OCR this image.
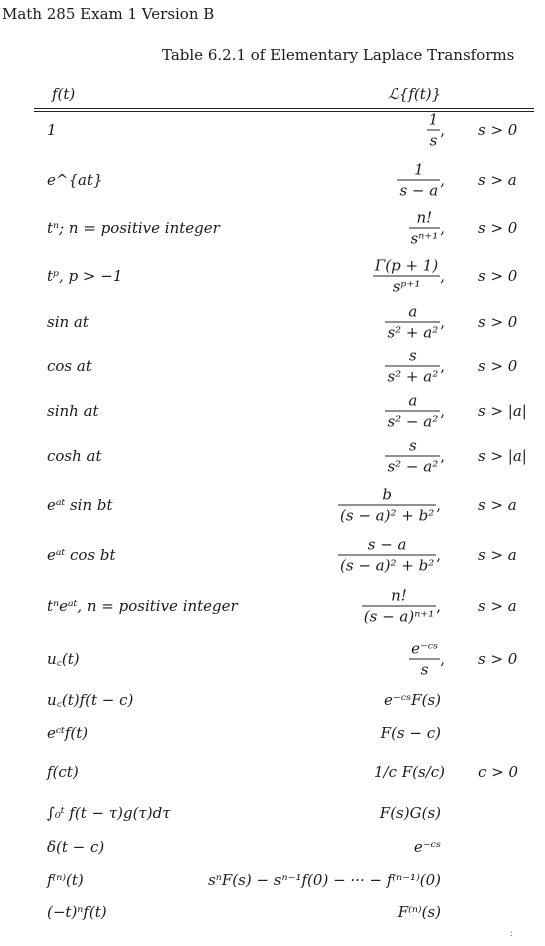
Math 285 Exam 1 Version B
Table 6.2.1 of Elementary Laplace Transforms
f(t)	ℒ{f(t)}
1	$\frac{1}{s}$ , s > 0
e^{at}	$\frac{1}{s - a}$ , s > a
tⁿ; n = positive integer	$\frac{n!}{\text{sⁿ⁺¹}}$ , s > 0
tᵖ, p > −1	$\frac{\Gamma(p + 1)}{\text{sᵖ⁺¹}}$ , s > 0
sin at	$\frac{a}{\text{s² + a²}}$ , s > 0
cos at	$\frac{s}{\text{s² + a²}}$ , s > 0
sinh at	$\frac{a}{\text{s² − a²}}$ , s > |a|
cosh at	$\frac{s}{\text{s² − a²}}$ , s > |a|
eᵃᵗ sin bt	$\frac{b}{\text{(s − a)² + b²}}$ , s > a
eᵃᵗ cos bt	$\frac{s - a}{\text{(s − a)² + b²}}$ , s > a
tⁿeᵃᵗ, n = positive integer	$\frac{n!}{\text{(s − a)ⁿ⁺¹}}$ , s > a
u꜀(t)	$\frac{\text{e⁻ᶜˢ}}{s}$ , s > 0
u꜀(t)f(t − c)	e⁻ᶜˢF(s)
eᶜᵗf(t)	F(s − c)
f(ct)	1/c F(s/c) c > 0
∫₀ᵗ f(t − τ)g(τ)dτ	F(s)G(s)
δ(t − c)	e⁻ᶜˢ
f⁽ⁿ⁾(t)	sⁿF(s) − sⁿ⁻¹f(0) − ··· − f⁽ⁿ⁻¹⁾(0)
(−t)ⁿf(t)	F⁽ⁿ⁾(s)
:
